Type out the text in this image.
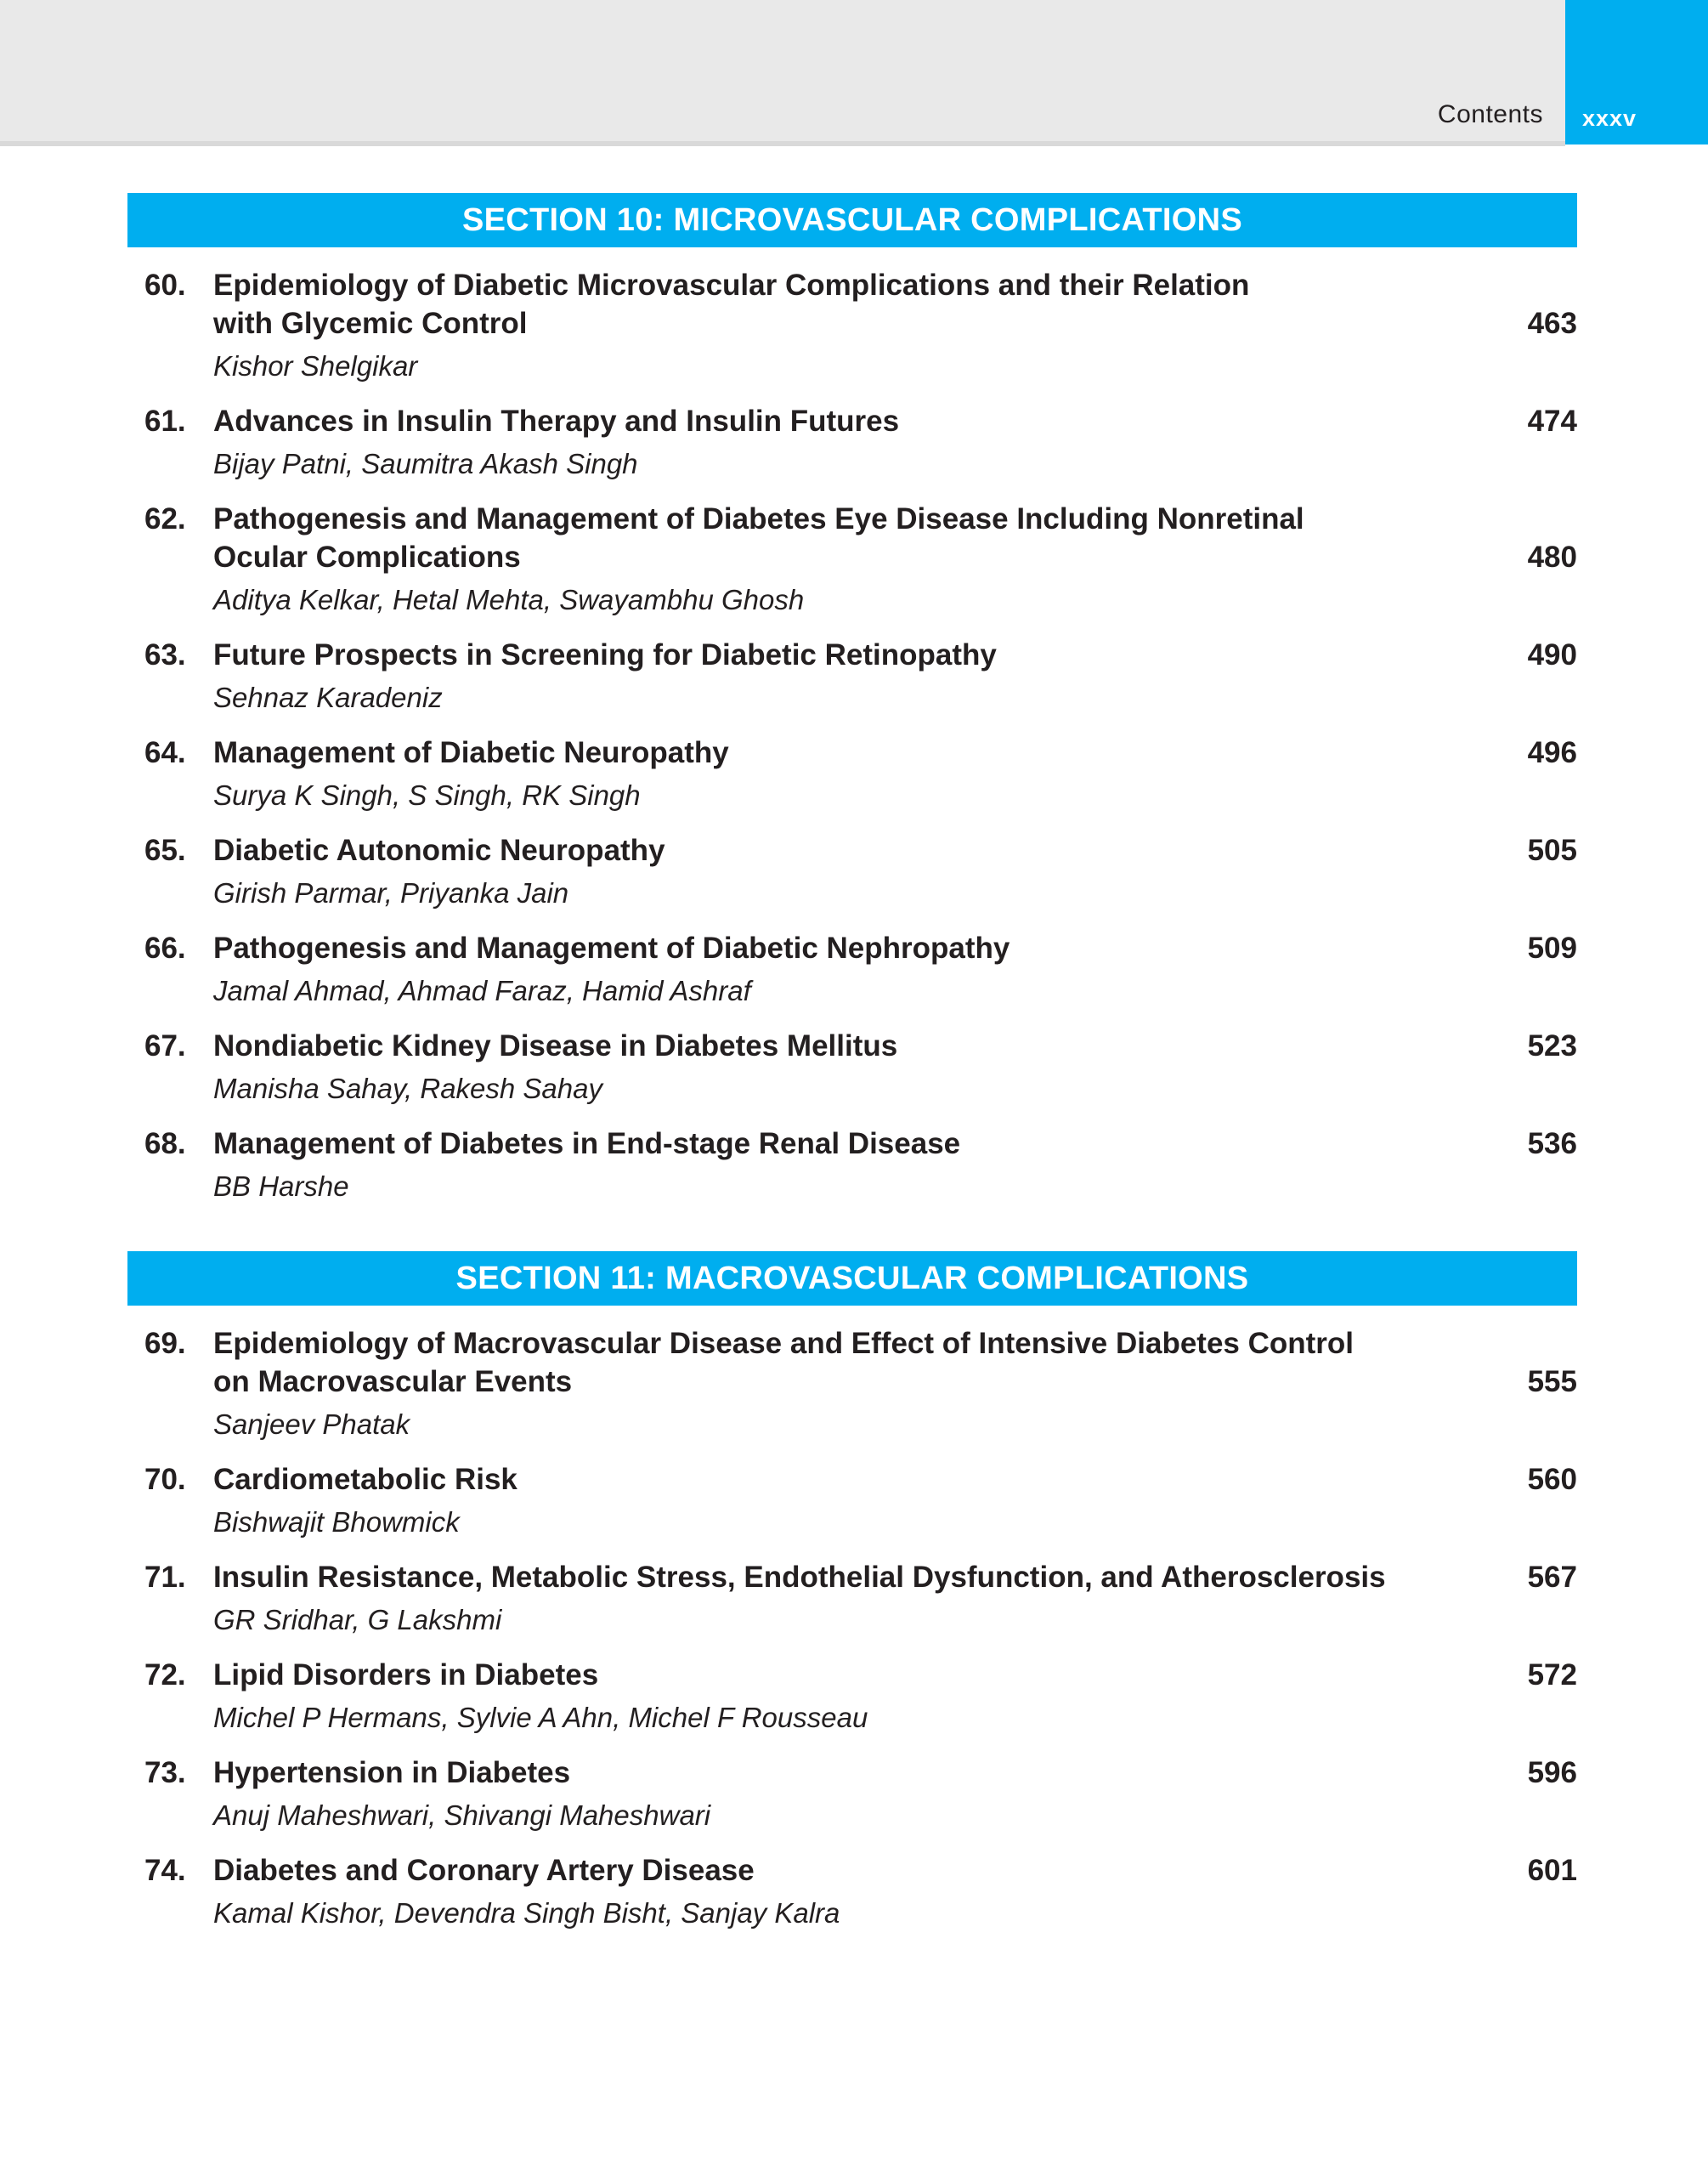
Contents xxxv
SECTION 10: MICROVASCULAR COMPLICATIONS
60. Epidemiology of Diabetic Microvascular Complications and their Relation
with Glycemic Control
Kishor Shelgikar
463
61. Advances in Insulin Therapy and Insulin Futures
Bijay Patni, Saumitra Akash Singh
474
62. Pathogenesis and Management of Diabetes Eye Disease Including Nonretinal
Ocular Complications
Aditya Kelkar, Hetal Mehta, Swayambhu Ghosh
480
63. Future Prospects in Screening for Diabetic Retinopathy
Sehnaz Karadeniz
490
64. Management of Diabetic Neuropathy
Surya K Singh, S Singh, RK Singh
496
65. Diabetic Autonomic Neuropathy
Girish Parmar, Priyanka Jain
505
66. Pathogenesis and Management of Diabetic Nephropathy
Jamal Ahmad, Ahmad Faraz, Hamid Ashraf
509
67. Nondiabetic Kidney Disease in Diabetes Mellitus
Manisha Sahay, Rakesh Sahay
523
68. Management of Diabetes in End-stage Renal Disease
BB Harshe
536
SECTION 11: MACROVASCULAR COMPLICATIONS
69. Epidemiology of Macrovascular Disease and Effect of Intensive Diabetes Control
on Macrovascular Events
Sanjeev Phatak
555
70. Cardiometabolic Risk
Bishwajit Bhowmick
560
71. Insulin Resistance, Metabolic Stress, Endothelial Dysfunction, and Atherosclerosis
GR Sridhar, G Lakshmi
567
72. Lipid Disorders in Diabetes
Michel P Hermans, Sylvie A Ahn, Michel F Rousseau
572
73. Hypertension in Diabetes
Anuj Maheshwari, Shivangi Maheshwari
596
74. Diabetes and Coronary Artery Disease
Kamal Kishor, Devendra Singh Bisht, Sanjay Kalra
601
